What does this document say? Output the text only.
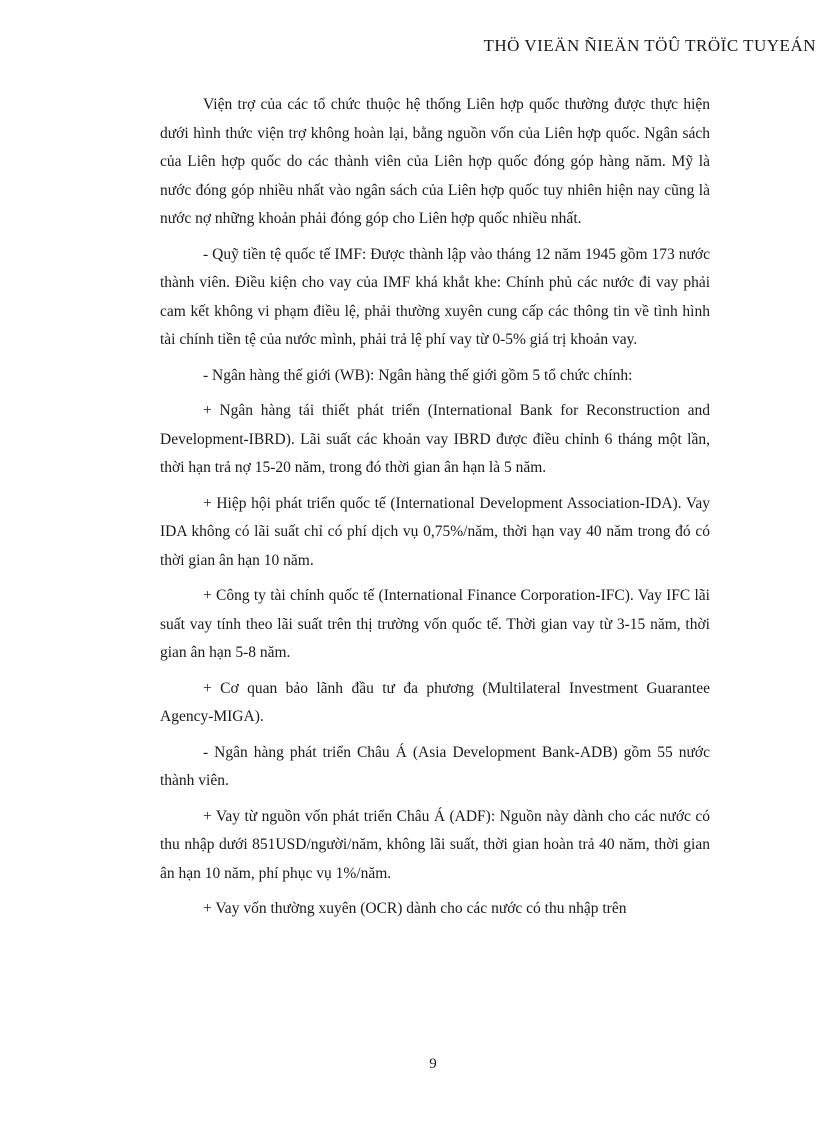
THÖ VIEÄN ÑIEÄN TÖÛ TRÖÏC TUYEÁN

Viện trợ của các tổ chức thuộc hệ thống Liên hợp quốc thường được thực hiện dưới hình thức viện trợ không hoàn lại, bằng nguồn vốn của Liên hợp quốc. Ngân sách của Liên hợp quốc do các thành viên của Liên hợp quốc đóng góp hàng năm. Mỹ là nước đóng góp nhiều nhất vào ngân sách của Liên hợp quốc tuy nhiên hiện nay cũng là nước nợ những khoản phải đóng góp cho Liên hợp quốc nhiều nhất.

- Quỹ tiền tệ quốc tế IMF: Được thành lập vào tháng 12 năm 1945 gồm 173 nước thành viên. Điều kiện cho vay của IMF khá khắt khe: Chính phủ các nước đi vay phải cam kết không vi phạm điều lệ, phải thường xuyên cung cấp các thông tin về tình hình tài chính tiền tệ của nước mình, phải trả lệ phí vay từ 0-5% giá trị khoản vay.

- Ngân hàng thế giới (WB): Ngân hàng thế giới gồm 5 tổ chức chính:

+ Ngân hàng tái thiết phát triển (International Bank for Reconstruction and Development-IBRD). Lãi suất các khoản vay IBRD được điều chỉnh 6 tháng một lần, thời hạn trả nợ 15-20 năm, trong đó thời gian ân hạn là 5 năm.

+ Hiệp hội phát triển quốc tế (International Development Association-IDA). Vay IDA không có lãi suất chỉ có phí dịch vụ 0,75%/năm, thời hạn vay 40 năm trong đó có thời gian ân hạn 10 năm.

+ Công ty tài chính quốc tế (International Finance Corporation-IFC). Vay IFC lãi suất vay tính theo lãi suất trên thị trường vốn quốc tế. Thời gian vay từ 3-15 năm, thời gian ân hạn 5-8 năm.

+ Cơ quan bảo lãnh đầu tư đa phương (Multilateral Investment Guarantee Agency-MIGA).

- Ngân hàng phát triển Châu Á (Asia Development Bank-ADB) gồm 55 nước thành viên.

+ Vay từ nguồn vốn phát triển Châu Á (ADF): Nguồn này dành cho các nước có thu nhập dưới 851USD/người/năm, không lãi suất, thời gian hoàn trả 40 năm, thời gian ân hạn 10 năm, phí phục vụ 1%/năm.

+ Vay vốn thường xuyên (OCR) dành cho các nước có thu nhập trên

9
